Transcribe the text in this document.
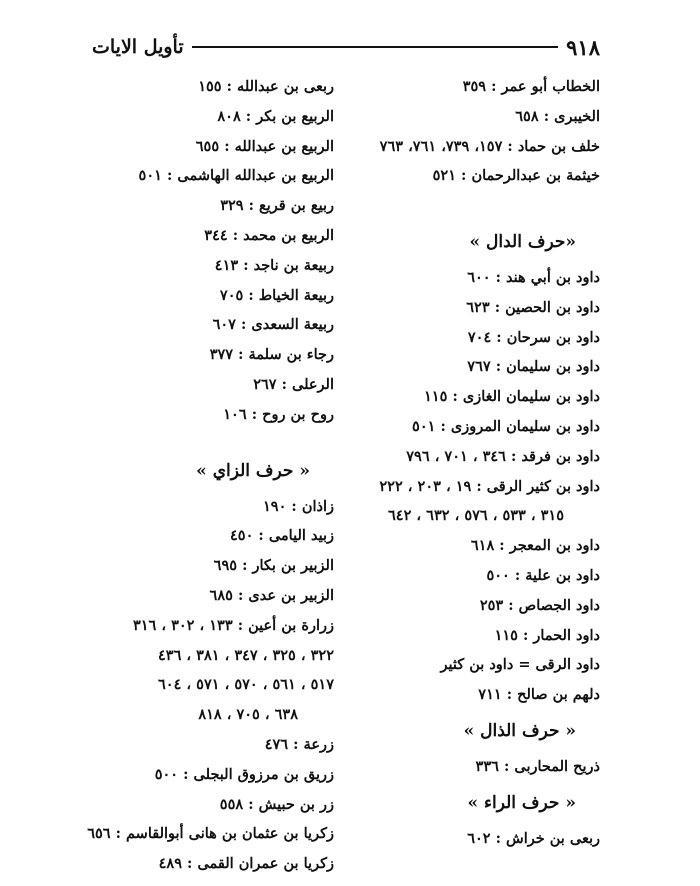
٩١٨
تأويل الايات
الخطاب أبو عمر : ٣٥٩
الخيبرى : ٦٥٨
خلف بن حماد : ١٥٧، ٧٣٩، ٧٦١، ٧٦٣
خيثمة بن عبدالرحمان : ٥٢١
«حرف الدال »
داود بن أبي هند : ٦٠٠
داود بن الحصين : ٦٢٣
داود بن سرحان : ٧٠٤
داود بن سليمان : ٧٦٧
داود بن سليمان الغازى : ١١٥
داود بن سليمان المروزى : ٥٠١
داود بن فرقد : ٣٤٦ ، ٧٠١ ، ٧٩٦
داود بن كثير الرقى : ١٩ ، ٢٠٣ ، ٢٢٢
٣١٥ ، ٥٣٣ ، ٥٧٦ ، ٦٣٢ ، ٦٤٢
داود بن المعجر : ٦١٨
داود بن علية : ٥٠٠
داود الجصاص : ٢٥٣
داود الحمار : ١١٥
داود الرقى = داود بن كثير
دلهم بن صالح : ٧١١
« حرف الذال »
ذريح المحاربى : ٣٣٦
« حرف الراء »
ربعى بن خراش : ٦٠٢
ربعى بن عبدالله : ١٥٥
الربيع بن بكر : ٨٠٨
الربيع بن عبدالله : ٦٥٥
الربيع بن عبدالله الهاشمى : ٥٠١
ربيع بن قريع : ٣٢٩
الربيع بن محمد : ٣٤٤
ربيعة بن ناجد : ٤١٣
ربيعة الخياط : ٧٠٥
ربيعة السعدى : ٦٠٧
رجاء بن سلمة : ٣٧٧
الرعلى : ٢٦٧
روح بن روح : ١٠٦
« حرف الزاي »
زاذان : ١٩٠
زبيد اليامى : ٤٥٠
الزبير بن بكار : ٦٩٥
الزبير بن عدى : ٦٨٥
زرارة بن أعين : ١٣٣ ، ٣٠٢ ، ٣١٦
٣٢٢ ، ٣٢٥ ، ٣٤٧ ، ٣٨١ ، ٤٣٦
٥١٧ ، ٥٦١ ، ٥٧٠ ، ٥٧١ ، ٦٠٤
٦٣٨ ، ٧٠٥ ، ٨١٨
زرعة : ٤٧٦
زريق بن مرزوق البجلى : ٥٠٠
زر بن حبيش : ٥٥٨
زكريا بن عثمان بن هانى أبوالقاسم : ٦٥٦
زكريا بن عمران القمى : ٤٨٩
